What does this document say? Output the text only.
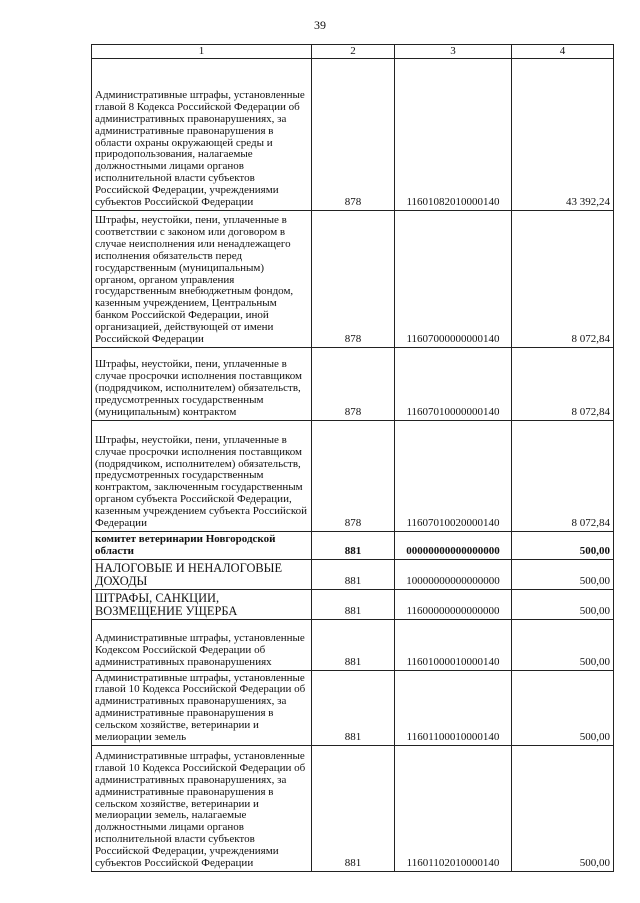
39
1	2	3	4
Административные штрафы, установленные главой 8 Кодекса Российской Федерации об административных правонарушениях, за административные правонарушения в области охраны окружающей среды и природопользования, налагаемые должностными лицами органов исполнительной власти субъектов Российской Федерации, учреждениями субъектов Российской Федерации	878	11601082010000140	43 392,24
Штрафы, неустойки, пени, уплаченные в соответствии с законом или договором в случае неисполнения или ненадлежащего исполнения обязательств перед государственным (муниципальным) органом, органом управления государственным внебюджетным фондом, казенным учреждением, Центральным банком Российской Федерации, иной организацией, действующей от имени Российской Федерации	878	11607000000000140	8 072,84
Штрафы, неустойки, пени, уплаченные в случае просрочки исполнения поставщиком (подрядчиком, исполнителем) обязательств, предусмотренных государственным (муниципальным) контрактом	878	11607010000000140	8 072,84
Штрафы, неустойки, пени, уплаченные в случае просрочки исполнения поставщиком (подрядчиком, исполнителем) обязательств, предусмотренных государственным контрактом, заключенным государственным органом субъекта Российской Федерации, казенным учреждением субъекта Российской Федерации	878	11607010020000140	8 072,84
комитет ветеринарии Новгородской области	881	00000000000000000	500,00
НАЛОГОВЫЕ И НЕНАЛОГОВЫЕ ДОХОДЫ	881	10000000000000000	500,00
ШТРАФЫ, САНКЦИИ, ВОЗМЕЩЕНИЕ УЩЕРБА	881	11600000000000000	500,00
Административные штрафы, установленные Кодексом Российской Федерации об административных правонарушениях	881	11601000010000140	500,00
Административные штрафы, установленные главой 10 Кодекса Российской Федерации об административных правонарушениях, за административные правонарушения в сельском хозяйстве, ветеринарии и мелиорации земель	881	11601100010000140	500,00
Административные штрафы, установленные главой 10 Кодекса Российской Федерации об административных правонарушениях, за административные правонарушения в сельском хозяйстве, ветеринарии и мелиорации земель, налагаемые должностными лицами органов исполнительной власти субъектов Российской Федерации, учреждениями субъектов Российской Федерации	881	11601102010000140	500,00
